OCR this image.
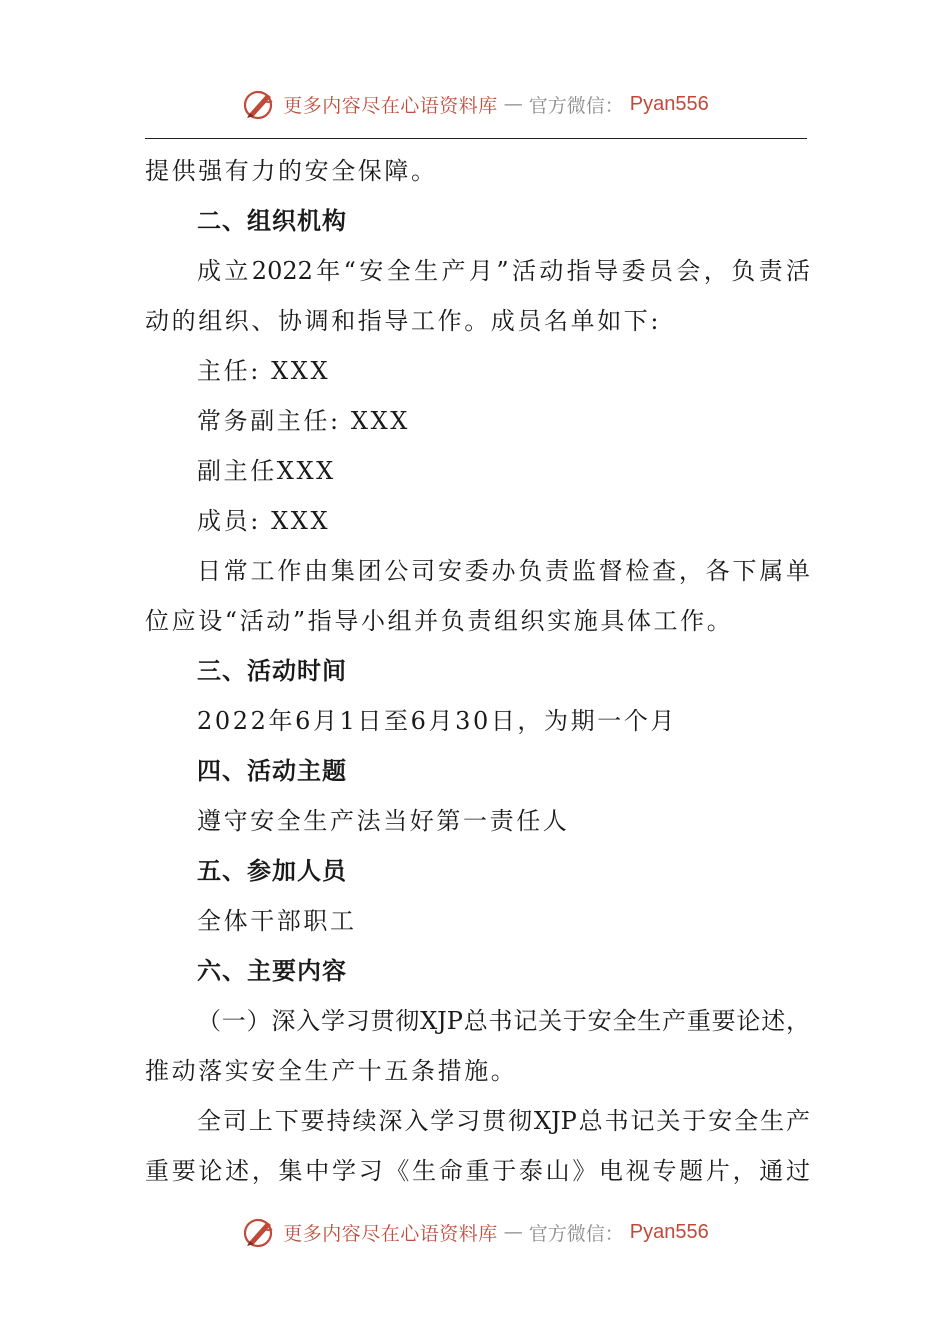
更多内容尽在心语资料库 — 官方微信： Pyan556
提供强有力的安全保障。
二、组织机构
成立2022年“安全生产月”活动指导委员会，负责活
动的组织、协调和指导工作。成员名单如下:
主任: XXX
常务副主任: XXX
副主任XXX
成员: XXX
日常工作由集团公司安委办负责监督检查，各下属单
位应设“活动”指导小组并负责组织实施具体工作。
三、活动时间
2022年6月1日至6月30日，为期一个月
四、活动主题
遵守安全生产法当好第一责任人
五、参加人员
全体干部职工
六、主要内容
（一）深入学习贯彻XJP总书记关于安全生产重要论述，
推动落实安全生产十五条措施。
全司上下要持续深入学习贯彻XJP总书记关于安全生产
重要论述，集中学习《生命重于泰山》电视专题片，通过
更多内容尽在心语资料库 — 官方微信： Pyan556
